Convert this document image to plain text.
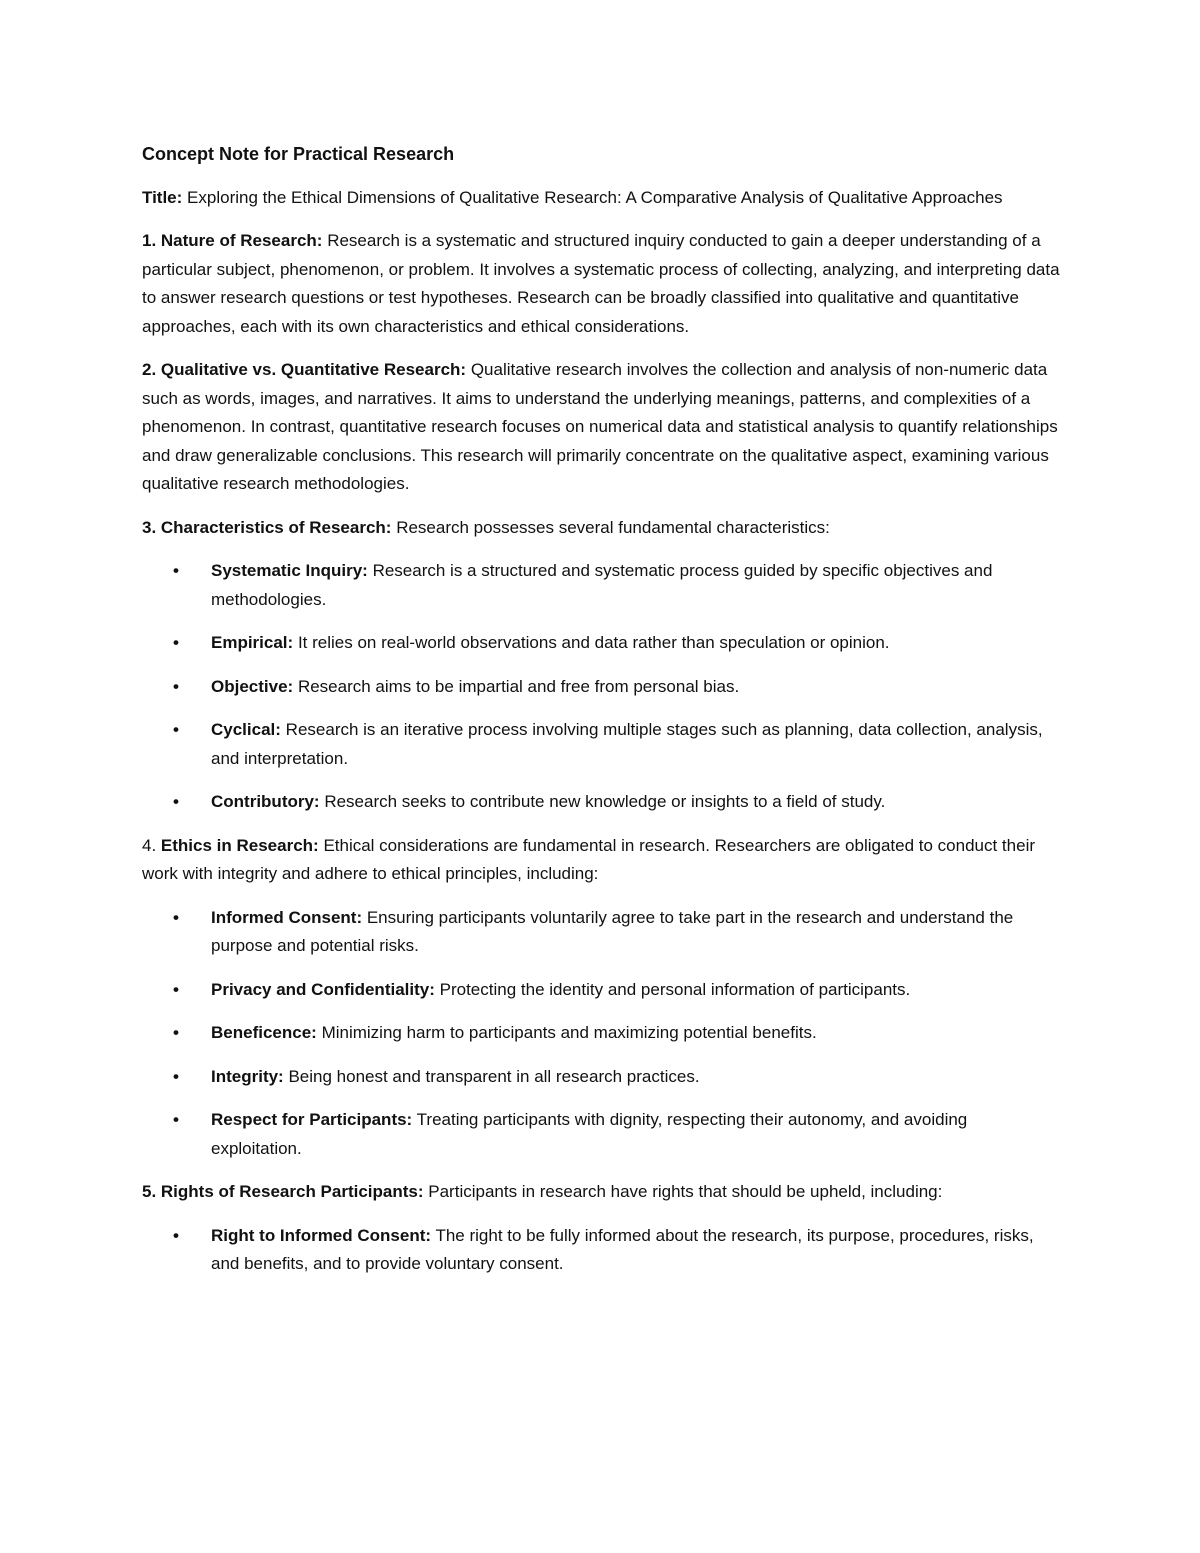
Concept Note for Practical Research

Title: Exploring the Ethical Dimensions of Qualitative Research: A Comparative Analysis of Qualitative Approaches

1. Nature of Research: Research is a systematic and structured inquiry conducted to gain a deeper understanding of a particular subject, phenomenon, or problem. It involves a systematic process of collecting, analyzing, and interpreting data to answer research questions or test hypotheses. Research can be broadly classified into qualitative and quantitative approaches, each with its own characteristics and ethical considerations.

2. Qualitative vs. Quantitative Research: Qualitative research involves the collection and analysis of non-numeric data such as words, images, and narratives. It aims to understand the underlying meanings, patterns, and complexities of a phenomenon. In contrast, quantitative research focuses on numerical data and statistical analysis to quantify relationships and draw generalizable conclusions. This research will primarily concentrate on the qualitative aspect, examining various qualitative research methodologies.

3. Characteristics of Research: Research possesses several fundamental characteristics:

• Systematic Inquiry: Research is a structured and systematic process guided by specific objectives and methodologies.
• Empirical: It relies on real-world observations and data rather than speculation or opinion.
• Objective: Research aims to be impartial and free from personal bias.
• Cyclical: Research is an iterative process involving multiple stages such as planning, data collection, analysis, and interpretation.
• Contributory: Research seeks to contribute new knowledge or insights to a field of study.

4. Ethics in Research: Ethical considerations are fundamental in research. Researchers are obligated to conduct their work with integrity and adhere to ethical principles, including:

• Informed Consent: Ensuring participants voluntarily agree to take part in the research and understand the purpose and potential risks.
• Privacy and Confidentiality: Protecting the identity and personal information of participants.
• Beneficence: Minimizing harm to participants and maximizing potential benefits.
• Integrity: Being honest and transparent in all research practices.
• Respect for Participants: Treating participants with dignity, respecting their autonomy, and avoiding exploitation.

5. Rights of Research Participants: Participants in research have rights that should be upheld, including:

• Right to Informed Consent: The right to be fully informed about the research, its purpose, procedures, risks, and benefits, and to provide voluntary consent.
